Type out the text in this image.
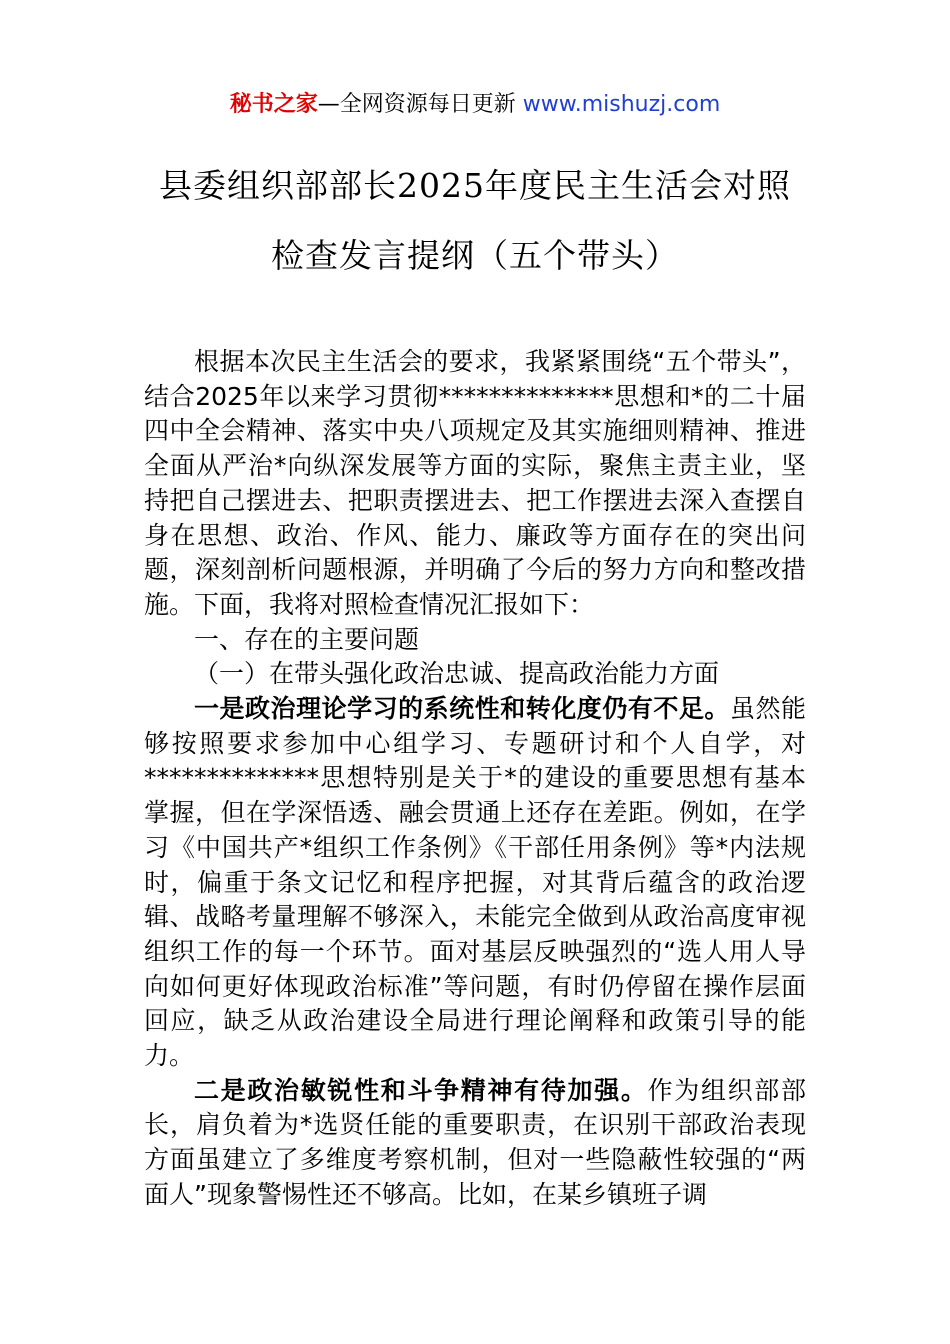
秘书之家—全网资源每日更新 www.mishuzj.com
县委组织部部长2025年度民主生活会对照
检查发言提纲（五个带头）

根据本次民主生活会的要求，我紧紧围绕“五个带头”，结合2025年以来学习贯彻**************思想和*的二十届四中全会精神、落实中央八项规定及其实施细则精神、推进全面从严治*向纵深发展等方面的实际，聚焦主责主业，坚持把自己摆进去、把职责摆进去、把工作摆进去深入查摆自身在思想、政治、作风、能力、廉政等方面存在的突出问题，深刻剖析问题根源，并明确了今后的努力方向和整改措施。下面，我将对照检查情况汇报如下：

一、存在的主要问题

（一）在带头强化政治忠诚、提高政治能力方面

一是政治理论学习的系统性和转化度仍有不足。虽然能够按照要求参加中心组学习、专题研讨和个人自学，对**************思想特别是关于*的建设的重要思想有基本掌握，但在学深悟透、融会贯通上还存在差距。例如，在学习《中国共产*组织工作条例》《干部任用条例》等*内法规时，偏重于条文记忆和程序把握，对其背后蕴含的政治逻辑、战略考量理解不够深入，未能完全做到从政治高度审视组织工作的每一个环节。面对基层反映强烈的“选人用人导向如何更好体现政治标准”等问题，有时仍停留在操作层面回应，缺乏从政治建设全局进行理论阐释和政策引导的能力。

二是政治敏锐性和斗争精神有待加强。作为组织部部长，肩负着为*选贤任能的重要职责，在识别干部政治表现方面虽建立了多维度考察机制，但对一些隐蔽性较强的“两面人”现象警惕性还不够高。比如，在某乡镇班子调
